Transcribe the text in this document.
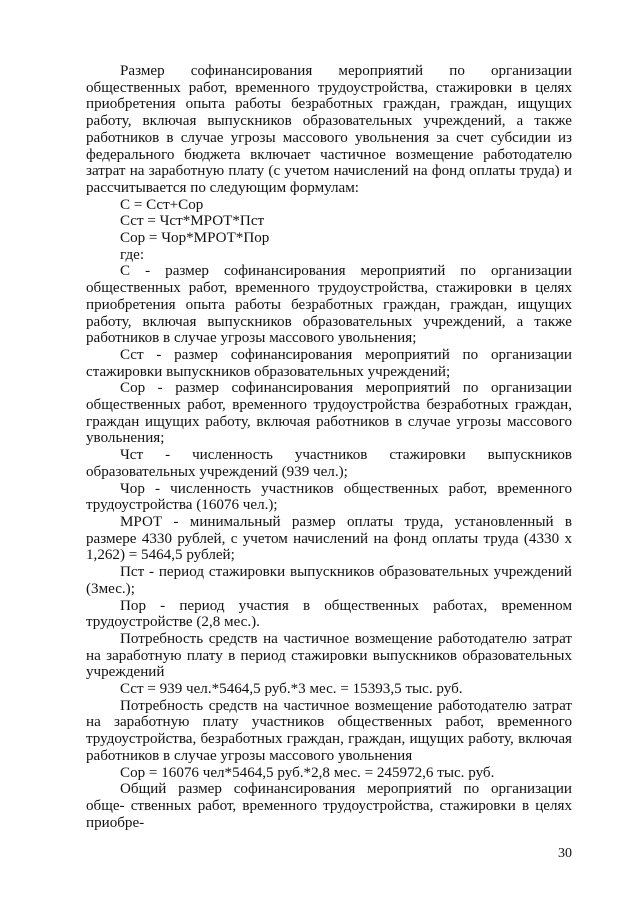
Размер софинансирования мероприятий по организации общественных работ, временного трудоустройства, стажировки в целях приобретения опыта работы безработных граждан, граждан, ищущих работу, включая выпускников образовательных учреждений, а также работников в случае угрозы массового увольнения за счет субсидии из федерального бюджета включает частичное возмещение работодателю затрат на заработную плату (с учетом начислений на фонд оплаты труда) и рассчитывается по следующим формулам:

С = Сст+Сор

Сст = Чст*МРОТ*Пст

Сор = Чор*МРОТ*Пор

где:

С - размер софинансирования мероприятий по организации общественных работ, временного трудоустройства, стажировки в целях приобретения опыта работы безработных граждан, граждан, ищущих работу, включая выпускников образовательных учреждений, а также работников в случае угрозы массового увольнения;

Сст - размер софинансирования мероприятий по организации стажировки выпускников образовательных учреждений;

Сор - размер софинансирования мероприятий по организации общественных работ, временного трудоустройства безработных граждан, граждан ищущих работу, включая работников в случае угрозы массового увольнения;

Чст - численность участников стажировки выпускников образовательных учреждений (939 чел.);

Чор - численность участников общественных работ, временного трудоустройства (16076 чел.);

МРОТ - минимальный размер оплаты труда, установленный в размере 4330 рублей, с учетом начислений на фонд оплаты труда (4330 х 1,262) = 5464,5 рублей;

Пст - период стажировки выпускников образовательных учреждений (3мес.);

Пор - период участия в общественных работах, временном трудоустройстве (2,8 мес.).

Потребность средств на частичное возмещение работодателю затрат на заработную плату в период стажировки выпускников образовательных учреждений

Сст = 939 чел.*5464,5 руб.*3 мес. = 15393,5 тыс. руб.

Потребность средств на частичное возмещение работодателю затрат на заработную плату участников общественных работ, временного трудоустройства, безработных граждан, граждан, ищущих работу, включая работников в случае угрозы массового увольнения

Сор = 16076 чел*5464,5 руб.*2,8 мес. = 245972,6 тыс. руб.

Общий размер софинансирования мероприятий по организации обще- ственных работ, временного трудоустройства, стажировки в целях приобре-

30
